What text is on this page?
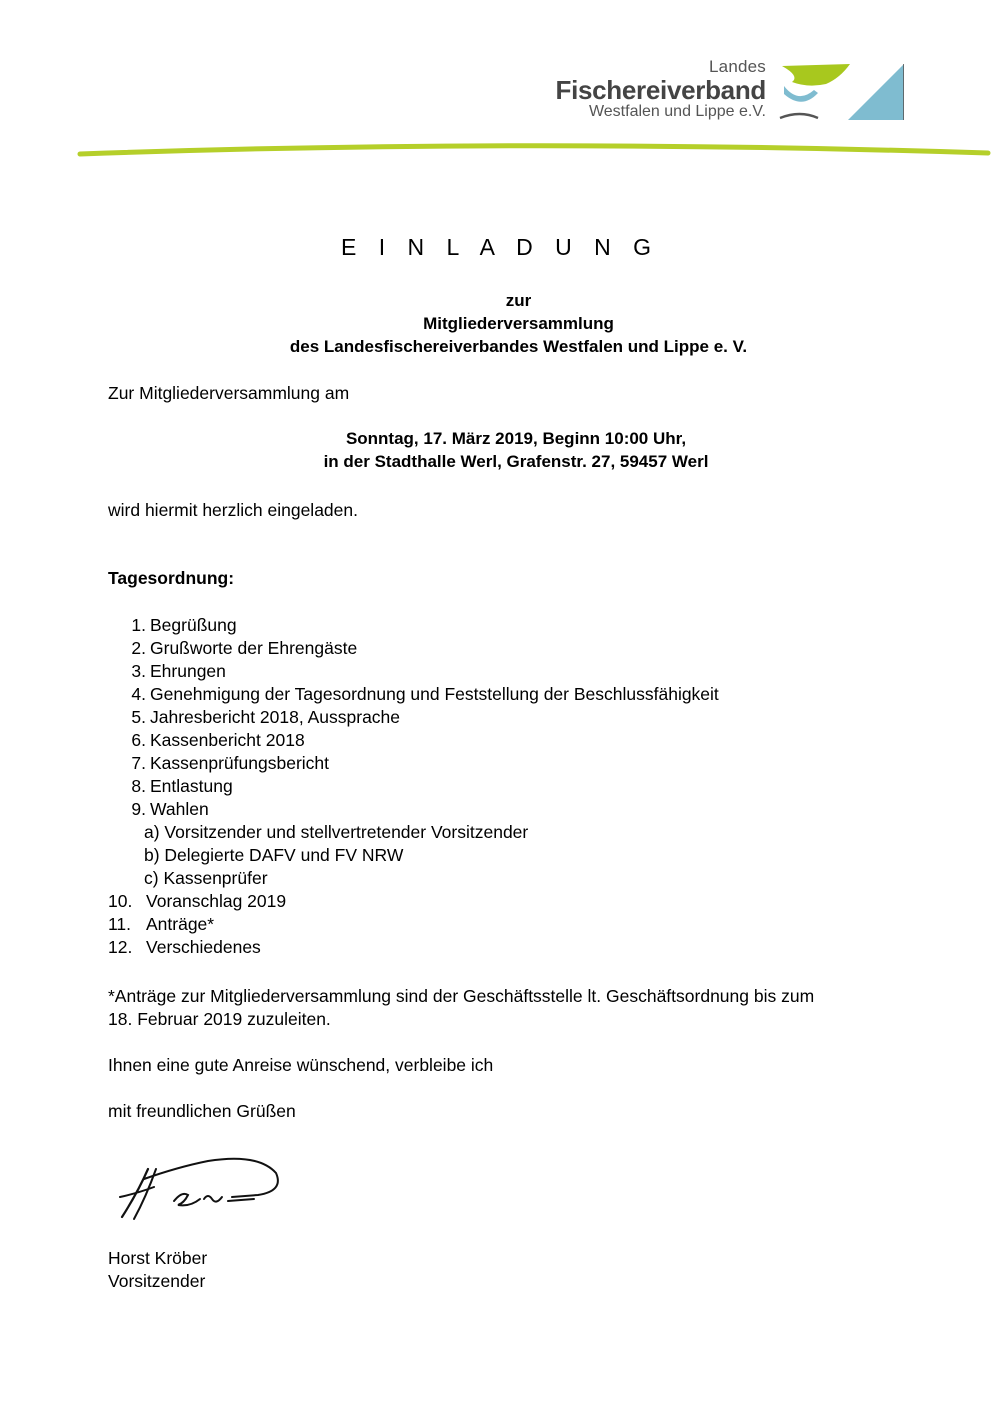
Landes
Fischereiverband
Westfalen und Lippe e.V.
E I N L A D U N G
zur
Mitgliederversammlung
des Landesfischereiverbandes Westfalen und Lippe e. V.

Zur Mitgliederversammlung am

Sonntag, 17. März 2019, Beginn 10:00 Uhr,
in der Stadthalle Werl, Grafenstr. 27, 59457 Werl

wird hiermit herzlich eingeladen.

Tagesordnung:

1. Begrüßung
2. Grußworte der Ehrengäste
3. Ehrungen
4. Genehmigung der Tagesordnung und Feststellung der Beschlussfähigkeit
5. Jahresbericht 2018, Aussprache
6. Kassenbericht 2018
7. Kassenprüfungsbericht
8. Entlastung
9. Wahlen
a) Vorsitzender und stellvertretender Vorsitzender
b) Delegierte DAFV und FV NRW
c) Kassenprüfer
10. Voranschlag 2019
11. Anträge*
12. Verschiedenes
*Anträge zur Mitgliederversammlung sind der Geschäftsstelle lt. Geschäftsordnung bis zum
18. Februar 2019 zuzuleiten.

Ihnen eine gute Anreise wünschend, verbleibe ich

mit freundlichen Grüßen

Horst Kröber
Vorsitzender
